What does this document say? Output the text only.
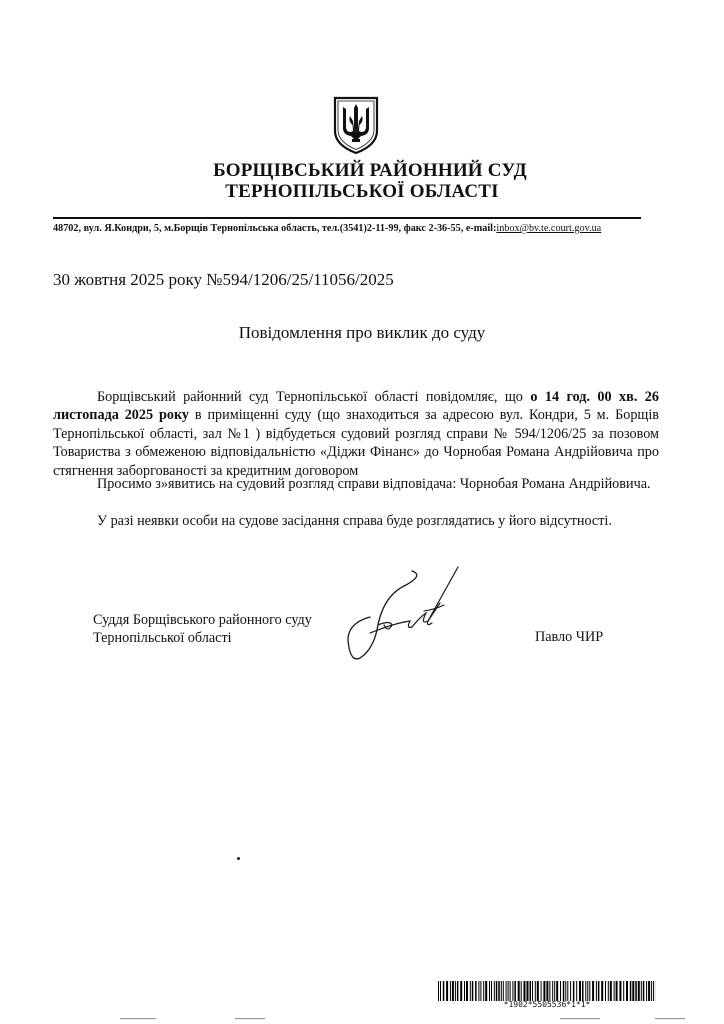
БОРЩІВСЬКИЙ РАЙОННИЙ СУД
ТЕРНОПІЛЬСЬКОЇ ОБЛАСТІ
48702, вул. Я.Кондри, 5, м.Борщів Тернопільська область, тел.(3541)2-11-99, факс 2-36-55, e-mail:inbox@bv.te.court.gov.ua
30 жовтня 2025 року №594/1206/25/11056/2025
Повідомлення про виклик до суду
Борщівський районний суд Тернопільської області повідомляє, що о 14 год. 00 хв. 26 листопада 2025 року в приміщенні суду (що знаходиться за адресою вул. Кондри, 5 м. Борщів Тернопільської області, зал №1 ) відбудеться судовий розгляд справи № 594/1206/25 за позовом Товариства з обмеженою відповідальністю «Діджи Фінанс» до Чорнобая Романа Андрійовича про стягнення заборгованості за кредитним договором
Просимо з»явитись на судовий розгляд справи відповідача: Чорнобая Романа Андрійовича.
У разі неявки особи на судове засідання справа буде розглядатись у його відсутності.
Суддя Борщівського районного суду
Тернопільської області	Павло ЧИР
*1902*5505536*1*1*
